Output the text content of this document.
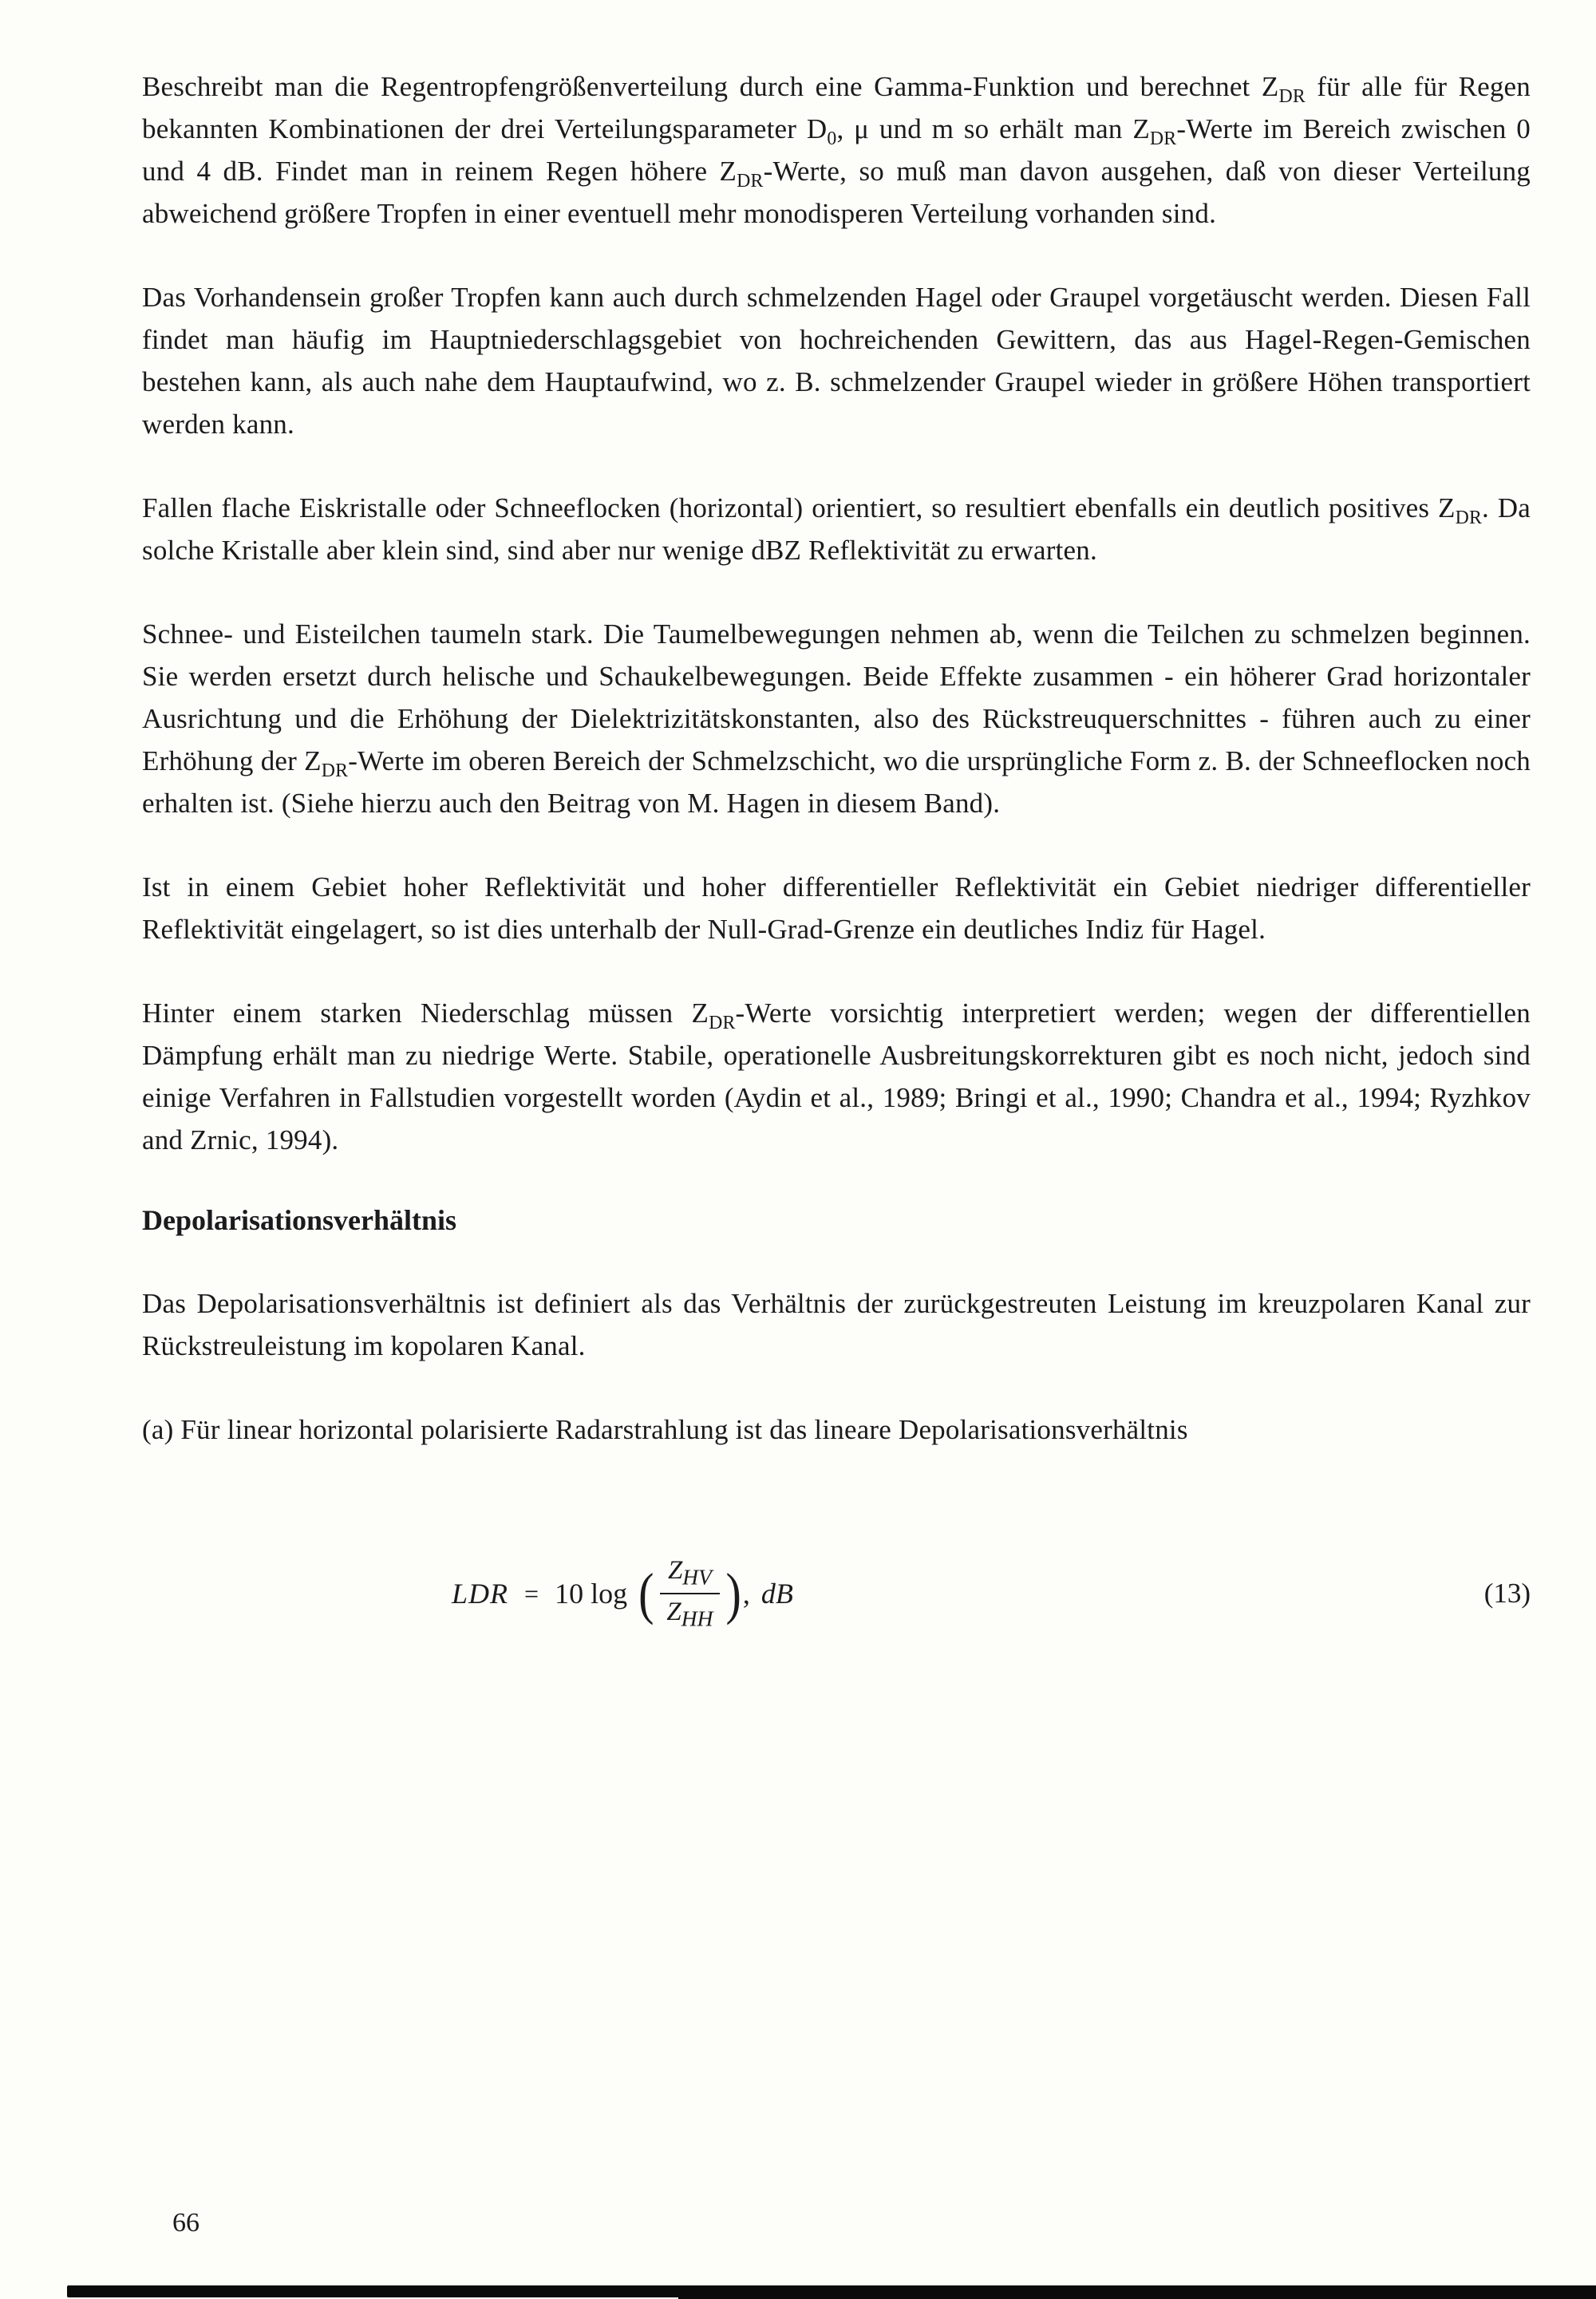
Beschreibt man die Regentropfengrößenverteilung durch eine Gamma-Funktion und berechnet $Z_{DR}$ für alle für Regen bekannten Kombinationen der drei Verteilungsparameter $D_0$, μ und m so erhält man $Z_{DR}$-Werte im Bereich zwischen 0 und 4 dB. Findet man in reinem Regen höhere $Z_{DR}$-Werte, so muß man davon ausgehen, daß von dieser Verteilung abweichend größere Tropfen in einer eventuell mehr monodisperen Verteilung vorhanden sind.

Das Vorhandensein großer Tropfen kann auch durch schmelzenden Hagel oder Graupel vorgetäuscht werden. Diesen Fall findet man häufig im Hauptniederschlagsgebiet von hochreichenden Gewittern, das aus Hagel-Regen-Gemischen bestehen kann, als auch nahe dem Hauptaufwind, wo z. B. schmelzender Graupel wieder in größere Höhen transportiert werden kann.

Fallen flache Eiskristalle oder Schneeflocken (horizontal) orientiert, so resultiert ebenfalls ein deutlich positives $Z_{DR}$. Da solche Kristalle aber klein sind, sind aber nur wenige dBZ Reflektivität zu erwarten.

Schnee- und Eisteilchen taumeln stark. Die Taumelbewegungen nehmen ab, wenn die Teilchen zu schmelzen beginnen. Sie werden ersetzt durch helische und Schaukelbewegungen. Beide Effekte zusammen - ein höherer Grad horizontaler Ausrichtung und die Erhöhung der Dielektrizitätskonstanten, also des Rückstreuquerschnittes - führen auch zu einer Erhöhung der $Z_{DR}$-Werte im oberen Bereich der Schmelzschicht, wo die ursprüngliche Form z. B. der Schneeflocken noch erhalten ist. (Siehe hierzu auch den Beitrag von M. Hagen in diesem Band).

Ist in einem Gebiet hoher Reflektivität und hoher differentieller Reflektivität ein Gebiet niedriger differentieller Reflektivität eingelagert, so ist dies unterhalb der Null-Grad-Grenze ein deutliches Indiz für Hagel.

Hinter einem starken Niederschlag müssen $Z_{DR}$-Werte vorsichtig interpretiert werden; wegen der differentiellen Dämpfung erhält man zu niedrige Werte. Stabile, operationelle Ausbreitungskorrekturen gibt es noch nicht, jedoch sind einige Verfahren in Fallstudien vorgestellt worden (Aydin et al., 1989; Bringi et al., 1990; Chandra et al., 1994; Ryzhkov and Zrnic, 1994).

Depolarisationsverhältnis

Das Depolarisationsverhältnis ist definiert als das Verhältnis der zurückgestreuten Leistung im kreuzpolaren Kanal zur Rückstreuleistung im kopolaren Kanal.

(a) Für linear horizontal polarisierte Radarstrahlung ist das lineare Depolarisationsverhältnis

LDR = 10 log ( $\frac{Z_{HV}}{Z_{HH}}$ ) , dB	(13)
66
